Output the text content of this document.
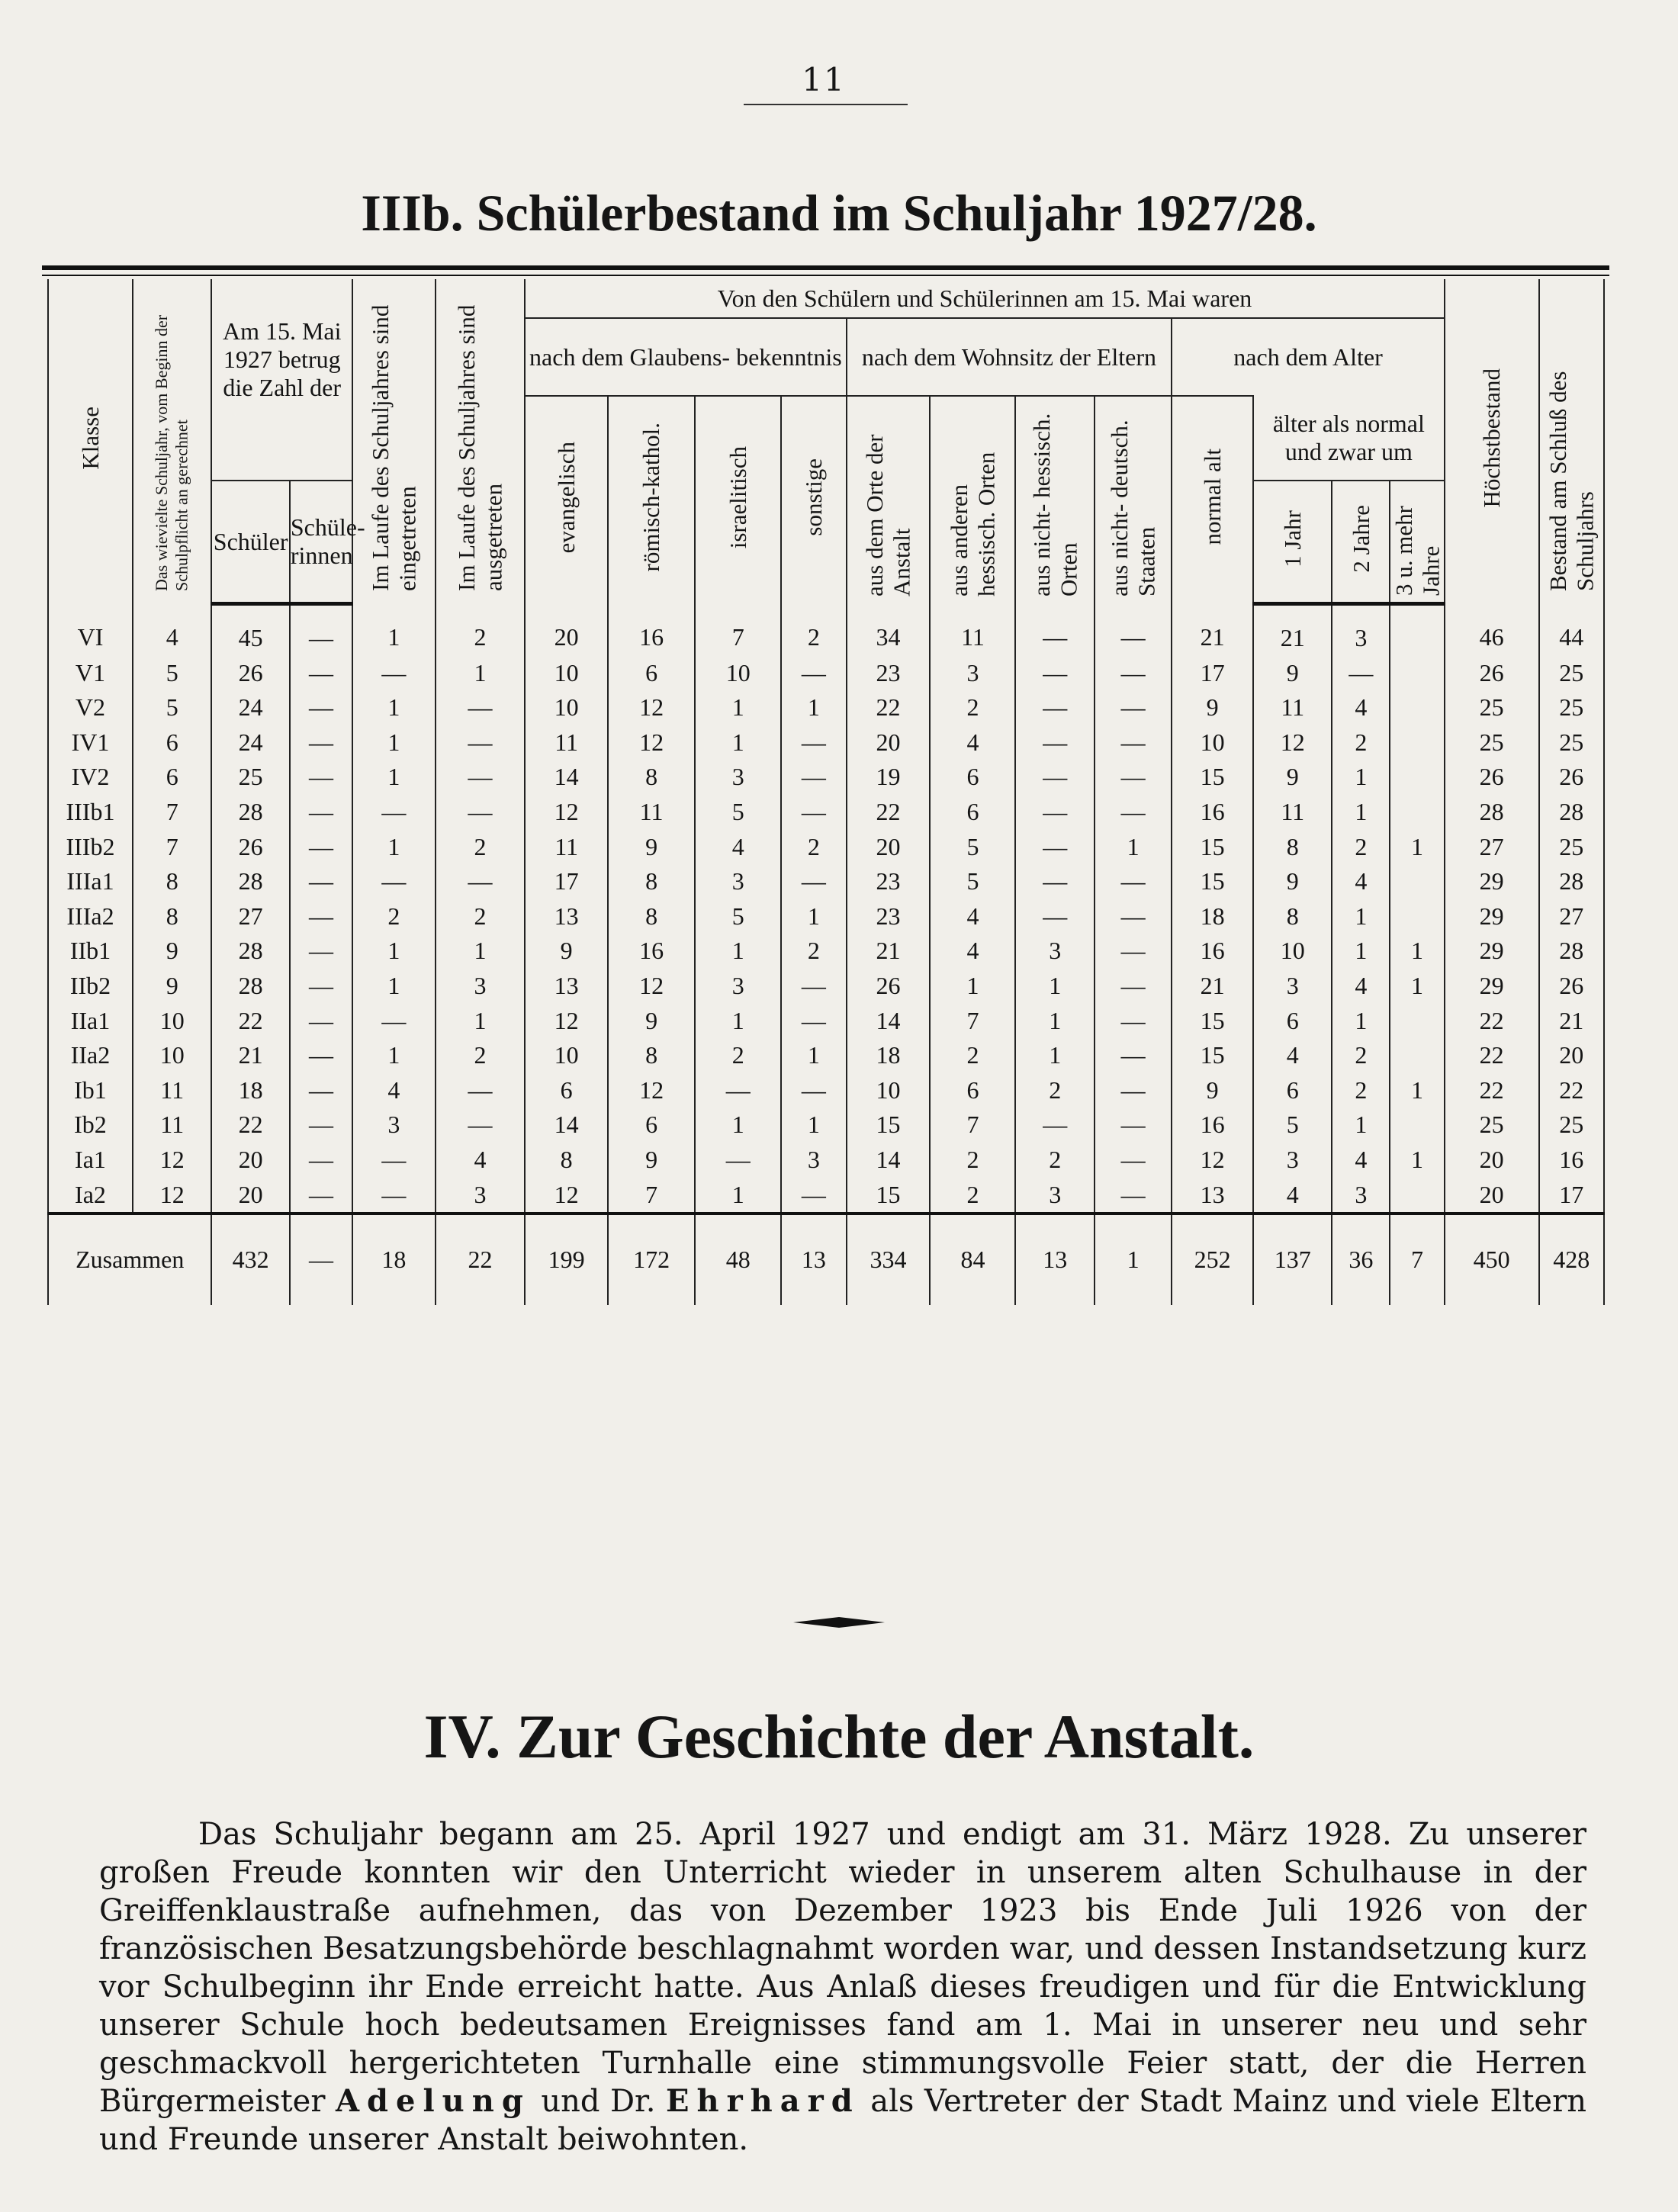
11
IIIb. Schülerbestand im Schuljahr 1927/28.
Klasse	Das wievielte Schuljahr, vom Beginn der Schulpflicht an gerechnet	Am 15. Mai 1927 betrug die Zahl der		Im Laufe des Schuljahres sind eingetreten	Im Laufe des Schuljahres sind ausgetreten	Von den Schülern und Schülerinnen am 15. Mai waren												Höchstbestand	Bestand am Schluß des Schuljahrs
						nach dem Glaubens- bekenntnis				nach dem Wohnsitz der Eltern				nach dem Alter					
						evangelisch	römisch-kathol.	israelitisch	sonstige	aus dem Orte der Anstalt	aus anderen hessisch. Orten	aus nicht- hessisch. Orten	aus nicht- deutsch. Staaten	normal alt	älter als normal und zwar um				
		Schüler	Schüle- rinnen												1 Jahr	2 Jahre	3 u. mehr Jahre		
VI	4	45	—	1	2	20	16	7	2	34	11	—	—	21	21	3		46	44
V1	5	26	—	—	1	10	6	10	—	23	3	—	—	17	9	—		26	25
V2	5	24	—	1	—	10	12	1	1	22	2	—	—	9	11	4		25	25
IV1	6	24	—	1	—	11	12	1	—	20	4	—	—	10	12	2		25	25
IV2	6	25	—	1	—	14	8	3	—	19	6	—	—	15	9	1		26	26
IIIb1	7	28	—	—	—	12	11	5	—	22	6	—	—	16	11	1		28	28
IIIb2	7	26	—	1	2	11	9	4	2	20	5	—	1	15	8	2	1	27	25
IIIa1	8	28	—	—	—	17	8	3	—	23	5	—	—	15	9	4		29	28
IIIa2	8	27	—	2	2	13	8	5	1	23	4	—	—	18	8	1		29	27
IIb1	9	28	—	1	1	9	16	1	2	21	4	3	—	16	10	1	1	29	28
IIb2	9	28	—	1	3	13	12	3	—	26	1	1	—	21	3	4	1	29	26
IIa1	10	22	—	—	1	12	9	1	—	14	7	1	—	15	6	1		22	21
IIa2	10	21	—	1	2	10	8	2	1	18	2	1	—	15	4	2		22	20
Ib1	11	18	—	4	—	6	12	—	—	10	6	2	—	9	6	2	1	22	22
Ib2	11	22	—	3	—	14	6	1	1	15	7	—	—	16	5	1		25	25
Ia1	12	20	—	—	4	8	9	—	3	14	2	2	—	12	3	4	1	20	16
Ia2	12	20	—	—	3	12	7	1	—	15	2	3	—	13	4	3		20	17
Zusammen		432	—	18	22	199	172	48	13	334	84	13	1	252	137	36	7	450	428
IV. Zur Geschichte der Anstalt.
Das Schuljahr begann am 25. April 1927 und endigt am 31. März 1928. Zu unserer großen Freude konnten wir den Unterricht wieder in unserem alten Schulhause in der Greiffenklaustraße aufnehmen, das von Dezember 1923 bis Ende Juli 1926 von der französischen Besatzungsbehörde beschlagnahmt worden war, und dessen Instandsetzung kurz vor Schulbeginn ihr Ende erreicht hatte. Aus Anlaß dieses freudigen und für die Entwicklung unserer Schule hoch bedeutsamen Ereignisses fand am 1. Mai in unserer neu und sehr geschmackvoll hergerichteten Turnhalle eine stimmungsvolle Feier statt, der die Herren Bürgermeister Adelung und Dr. Ehrhard als Vertreter der Stadt Mainz und viele Eltern und Freunde unserer Anstalt beiwohnten.
